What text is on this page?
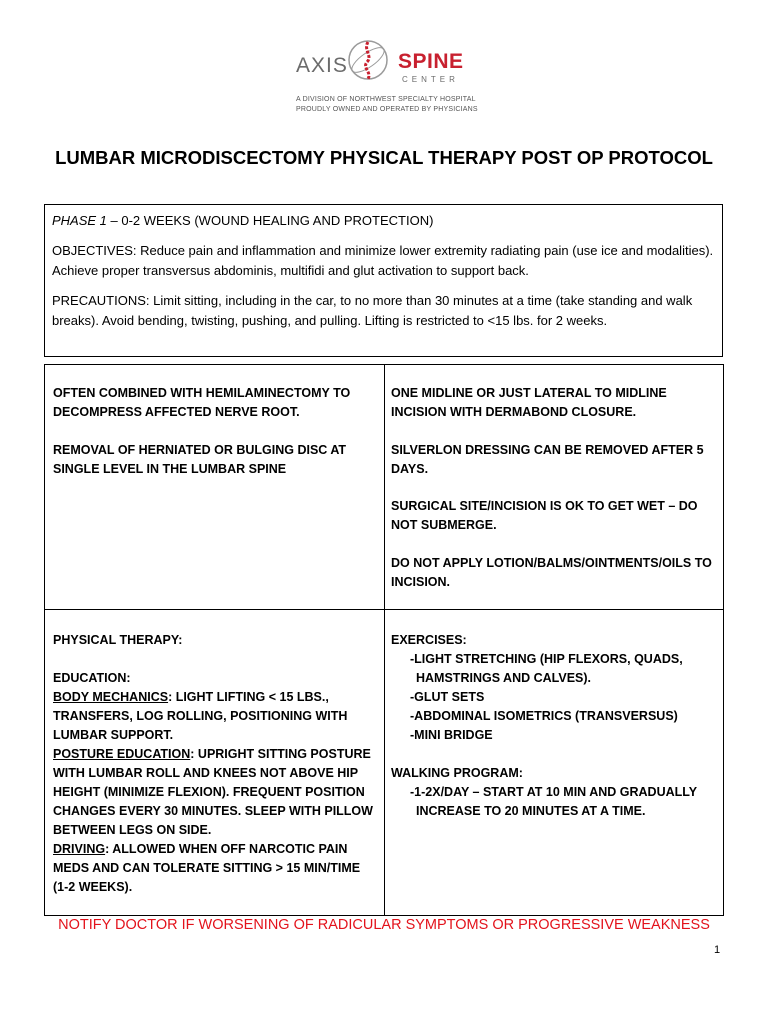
AXIS SPINE
CENTER
A DIVISION OF NORTHWEST SPECIALTY HOSPITAL
PROUDLY OWNED AND OPERATED BY PHYSICIANS
LUMBAR MICRODISCECTOMY PHYSICAL THERAPY POST OP PROTOCOL

PHASE 1 – 0-2 WEEKS (WOUND HEALING AND PROTECTION)

OBJECTIVES: Reduce pain and inflammation and minimize lower extremity radiating pain (use ice and modalities). Achieve proper transversus abdominis, multifidi and glut activation to support back.

PRECAUTIONS: Limit sitting, including in the car, to no more than 30 minutes at a time (take standing and walk breaks). Avoid bending, twisting, pushing, and pulling. Lifting is restricted to <15 lbs. for 2 weeks.

OFTEN COMBINED WITH HEMILAMINECTOMY TO DECOMPRESS AFFECTED NERVE ROOT.

REMOVAL OF HERNIATED OR BULGING DISC AT SINGLE LEVEL IN THE LUMBAR SPINE

ONE MIDLINE OR JUST LATERAL TO MIDLINE INCISION WITH DERMABOND CLOSURE.

SILVERLON DRESSING CAN BE REMOVED AFTER 5 DAYS.

SURGICAL SITE/INCISION IS OK TO GET WET – DO NOT SUBMERGE.

DO NOT APPLY LOTION/BALMS/OINTMENTS/OILS TO INCISION.

PHYSICAL THERAPY:

EDUCATION:
BODY MECHANICS: LIGHT LIFTING < 15 LBS., TRANSFERS, LOG ROLLING, POSITIONING WITH LUMBAR SUPPORT.
POSTURE EDUCATION: UPRIGHT SITTING POSTURE WITH LUMBAR ROLL AND KNEES NOT ABOVE HIP HEIGHT (MINIMIZE FLEXION). FREQUENT POSITION CHANGES EVERY 30 MINUTES. SLEEP WITH PILLOW BETWEEN LEGS ON SIDE.
DRIVING: ALLOWED WHEN OFF NARCOTIC PAIN MEDS AND CAN TOLERATE SITTING > 15 MIN/TIME (1-2 WEEKS).

EXERCISES:

-LIGHT STRETCHING (HIP FLEXORS, QUADS,
HAMSTRINGS AND CALVES).
-GLUT SETS
-ABDOMINAL ISOMETRICS (TRANSVERSUS)
-MINI BRIDGE
WALKING PROGRAM:
-1-2X/DAY – START AT 10 MIN AND GRADUALLY
INCREASE TO 20 MINUTES AT A TIME.
NOTIFY DOCTOR IF WORSENING OF RADICULAR SYMPTOMS OR PROGRESSIVE WEAKNESS
1
